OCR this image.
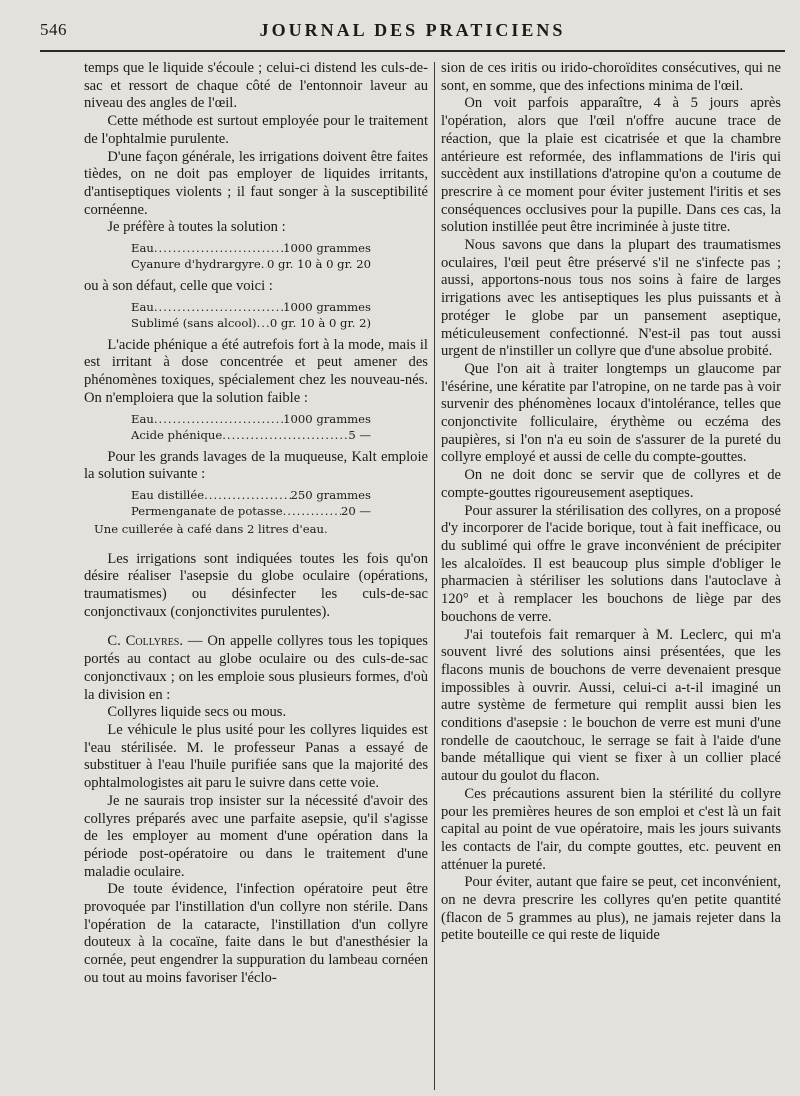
546	JOURNAL DES PRATICIENS

temps que le liquide s'écoule ; celui-ci distend les culs-de-sac et ressort de chaque côté de l'entonnoir laveur au niveau des angles de l'œil.

Cette méthode est surtout employée pour le traitement de l'ophtalmie purulente.

D'une façon générale, les irrigations doivent être faites tièdes, on ne doit pas employer de liquides irritants, d'antiseptiques violents ; il faut songer à la susceptibilité cornéenne.

Je préfère à toutes la solution :

Eau .....	1000 grammes
Cyanure d'hydrargyre ..... 0 gr. 10 à 0 gr. 20

ou à son défaut, celle que voici :

Eau .....	1000 grammes
Sublimé (sans alcool) ..... 0 gr. 10 à 0 gr. 2)

L'acide phénique a été autrefois fort à la mode, mais il est irritant à dose concentrée et peut amener des phénomènes toxiques, spécialement chez les nouveau-nés. On n'emploiera que la solution faible :

Eau .....	1000 grammes
Acide phénique .....	5 —

Pour les grands lavages de la muqueuse, Kalt emploie la solution suivante :

Eau distillée .....	250 grammes
Permenganate de potasse .....	20 —
Une cuillerée à café dans 2 litres d'eau.

Les irrigations sont indiquées toutes les fois qu'on désire réaliser l'asepsie du globe oculaire (opérations, traumatismes) ou désinfecter les culs-de-sac conjonctivaux (conjonctivites purulentes).

C. Collyres. — On appelle collyres tous les topiques portés au contact au globe oculaire ou des culs-de-sac conjonctivaux ; on les emploie sous plusieurs formes, d'où la division en :

Collyres liquide secs ou mous.

Le véhicule le plus usité pour les collyres liquides est l'eau stérilisée. M. le professeur Panas a essayé de substituer à l'eau l'huile purifiée sans que la majorité des ophtalmologistes ait paru le suivre dans cette voie.

Je ne saurais trop insister sur la nécessité d'avoir des collyres préparés avec une parfaite asepsie, qu'il s'agisse de les employer au moment d'une opération dans la période post-opératoire ou dans le traitement d'une maladie oculaire.

De toute évidence, l'infection opératoire peut être provoquée par l'instillation d'un collyre non stérile. Dans l'opération de la cataracte, l'instillation d'un collyre douteux à la cocaïne, faite dans le but d'anesthésier la cornée, peut engendrer la suppuration du lambeau cornéen ou tout au moins favoriser l'éclo-

sion de ces iritis ou irido-choroïdites consécutives, qui ne sont, en somme, que des infections minima de l'œil.

On voit parfois apparaître, 4 à 5 jours après l'opération, alors que l'œil n'offre aucune trace de réaction, que la plaie est cicatrisée et que la chambre antérieure est reformée, des inflammations de l'iris qui succèdent aux instillations d'atropine qu'on a coutume de prescrire à ce moment pour éviter justement l'iritis et ses conséquences occlusives pour la pupille. Dans ces cas, la solution instillée peut être incriminée à juste titre.

Nous savons que dans la plupart des traumatismes oculaires, l'œil peut être préservé s'il ne s'infecte pas ; aussi, apportons-nous tous nos soins à faire de larges irrigations avec les antiseptiques les plus puissants et à protéger le globe par un pansement aseptique, méticuleusement confectionné. N'est-il pas tout aussi urgent de n'instiller un collyre que d'une absolue probité.

Que l'on ait à traiter longtemps un glaucome par l'ésérine, une kératite par l'atropine, on ne tarde pas à voir survenir des phénomènes locaux d'intolérance, telles que conjonctivite folliculaire, érythème ou eczéma des paupières, si l'on n'a eu soin de s'assurer de la pureté du collyre employé et aussi de celle du compte-gouttes.

On ne doit donc se servir que de collyres et de compte-gouttes rigoureusement aseptiques.

Pour assurer la stérilisation des collyres, on a proposé d'y incorporer de l'acide borique, tout à fait inefficace, ou du sublimé qui offre le grave inconvénient de précipiter les alcaloïdes. Il est beaucoup plus simple d'obliger le pharmacien à stériliser les solutions dans l'autoclave à 120° et à remplacer les bouchons de liège par des bouchons de verre.

J'ai toutefois fait remarquer à M. Leclerc, qui m'a souvent livré des solutions ainsi présentées, que les flacons munis de bouchons de verre devenaient presque impossibles à ouvrir. Aussi, celui-ci a-t-il imaginé un autre système de fermeture qui remplit aussi bien les conditions d'asepsie : le bouchon de verre est muni d'une rondelle de caoutchouc, le serrage se fait à l'aide d'une bande métallique qui vient se fixer à un collier placé autour du goulot du flacon.

Ces précautions assurent bien la stérilité du collyre pour les premières heures de son emploi et c'est là un fait capital au point de vue opératoire, mais les jours suivants les contacts de l'air, du compte gouttes, etc. peuvent en atténuer la pureté.

Pour éviter, autant que faire se peut, cet inconvénient, on ne devra prescrire les collyres qu'en petite quantité (flacon de 5 grammes au plus), ne jamais rejeter dans la petite bouteille ce qui reste de liquide
